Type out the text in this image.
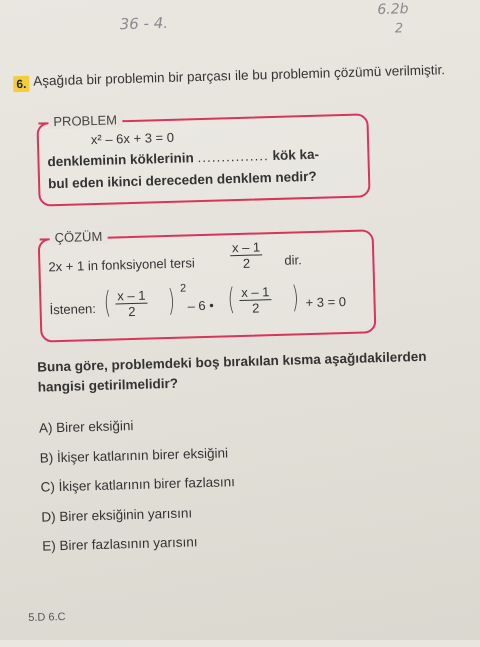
36 - 4.
6.2b
2
6. Aşağıda bir problemin bir parçası ile bu problemin çözümü verilmiştir.
PROBLEM
x² – 6x + 3 = 0
denkleminin köklerinin ............... kök ka-
bul eden ikinci dereceden denklem nedir?
ÇÖZÜM
2x + 1 in fonksiyonel tersi	$\frac{x - 1}{2}$ dir.
İstenen: ( $\frac{x - 1}{2}$ ) 2
– 6 • ( $\frac{x - 1}{2}$ ) + 3 = 0
Buna göre, problemdeki boş bırakılan kısma aşağıdakilerden hangisi getirilmelidir?
A) Birer eksiğini
B) İkişer katlarının birer eksiğini
C) İkişer katlarının birer fazlasını
D) Birer eksiğinin yarısını
E) Birer fazlasının yarısını
5.D 6.C
